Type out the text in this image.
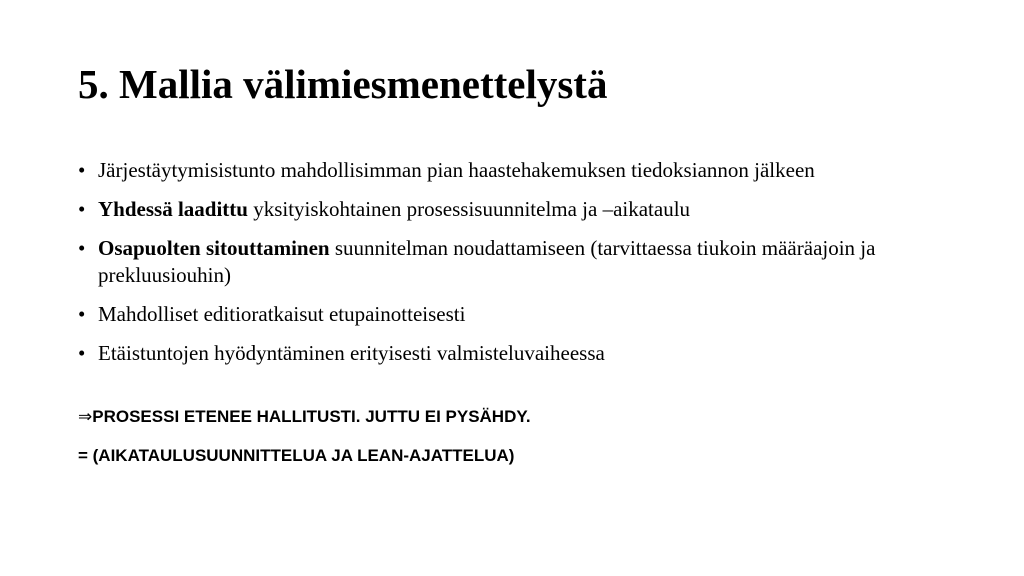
5. Mallia välimiesmenettelystä
• Järjestäytymisistunto mahdollisimman pian haastehakemuksen tiedoksiannon jälkeen
• Yhdessä laadittu yksityiskohtainen prosessisuunnitelma ja –aikataulu
• Osapuolten sitouttaminen suunnitelman noudattamiseen (tarvittaessa tiukoin määräajoin ja prekluusiouhin)
• Mahdolliset editioratkaisut etupainotteisesti
• Etäistuntojen hyödyntäminen erityisesti valmisteluvaiheessa
⇒PROSESSI ETENEE HALLITUSTI. JUTTU EI PYSÄHDY.
= (AIKATAULUSUUNNITTELUA JA LEAN-AJATTELUA)
